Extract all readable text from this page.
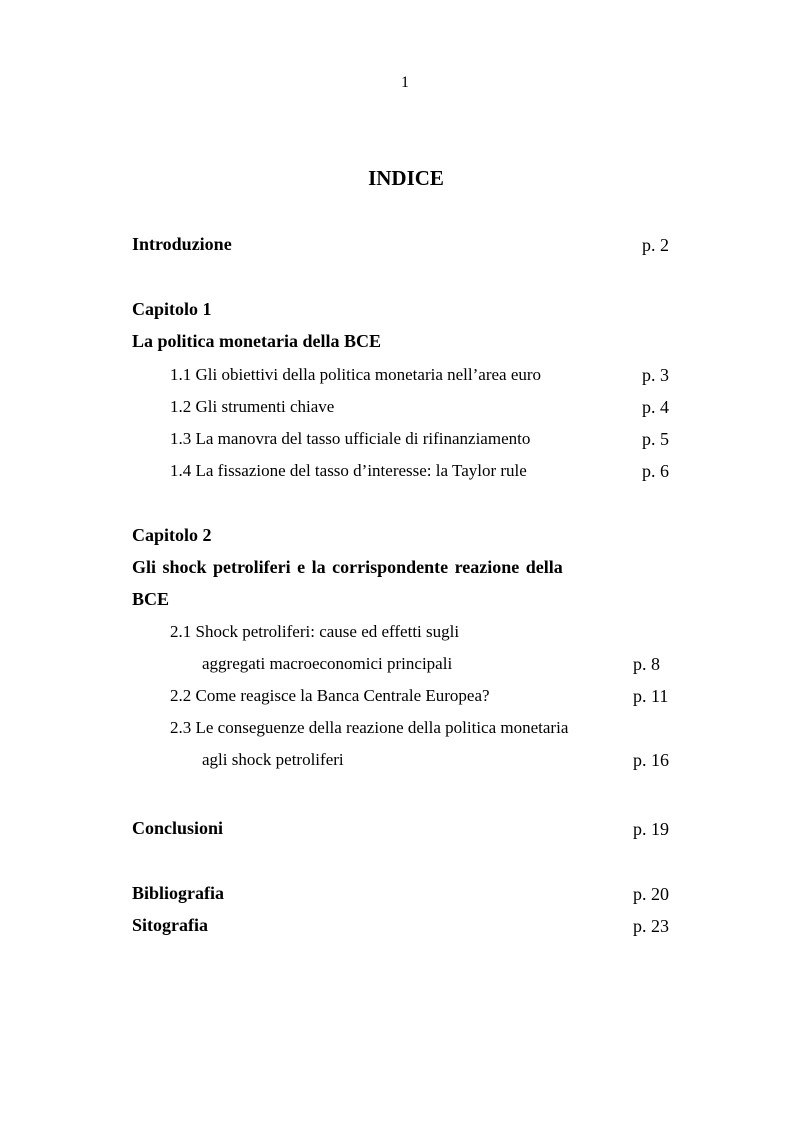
1
INDICE
Introduzione	p. 2
Capitolo 1
La politica monetaria della BCE
1.1 Gli obiettivi della politica monetaria nell’area euro	p. 3
1.2 Gli strumenti chiave	p. 4
1.3 La manovra del tasso ufficiale di rifinanziamento	p. 5
1.4 La fissazione del tasso d’interesse: la Taylor rule	p. 6
Capitolo 2
Gli shock petroliferi e la corrispondente reazione della
BCE
2.1 Shock petroliferi: cause ed effetti sugli
aggregati macroeconomici principali	p. 8
2.2 Come reagisce la Banca Centrale Europea?	p. 11
2.3 Le conseguenze della reazione della politica monetaria
agli shock petroliferi	p. 16
Conclusioni	p. 19
Bibliografia	p. 20
Sitografia	p. 23
